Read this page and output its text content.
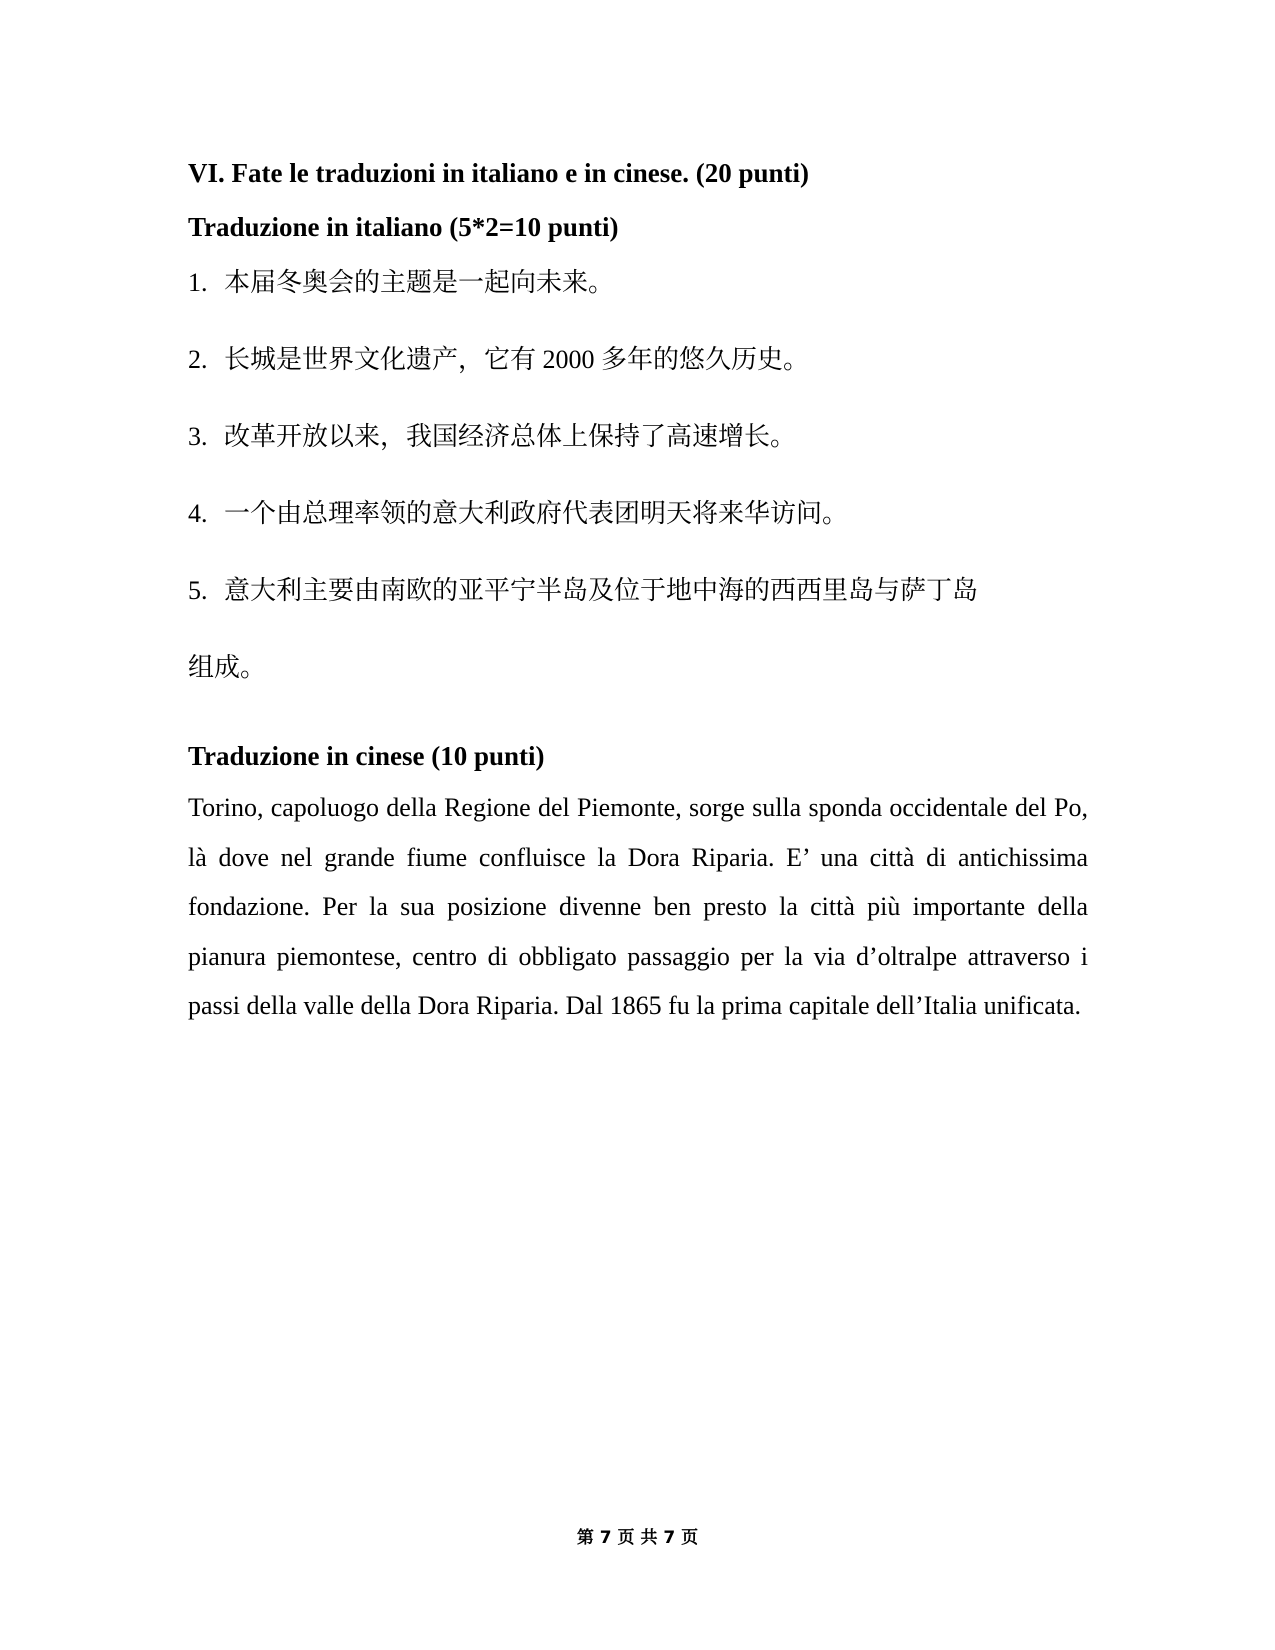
VI. Fate le traduzioni in italiano e in cinese. (20 punti)
Traduzione in italiano (5*2=10 punti)

1. 本届冬奥会的主题是一起向未来。

2. 长城是世界文化遗产，它有 2000 多年的悠久历史。

3. 改革开放以来，我国经济总体上保持了高速增长。

4. 一个由总理率领的意大利政府代表团明天将来华访问。

5. 意大利主要由南欧的亚平宁半岛及位于地中海的西西里岛与萨丁岛

组成。

Traduzione in cinese (10 punti)

Torino, capoluogo della Regione del Piemonte, sorge sulla sponda occidentale del Po, là dove nel grande fiume confluisce la Dora Riparia. E’ una città di antichissima fondazione. Per la sua posizione divenne ben presto la città più importante della pianura piemontese, centro di obbligato passaggio per la via d’oltralpe attraverso i passi della valle della Dora Riparia. Dal 1865 fu la prima capitale dell’Italia unificata.

第 7 页 共 7 页
